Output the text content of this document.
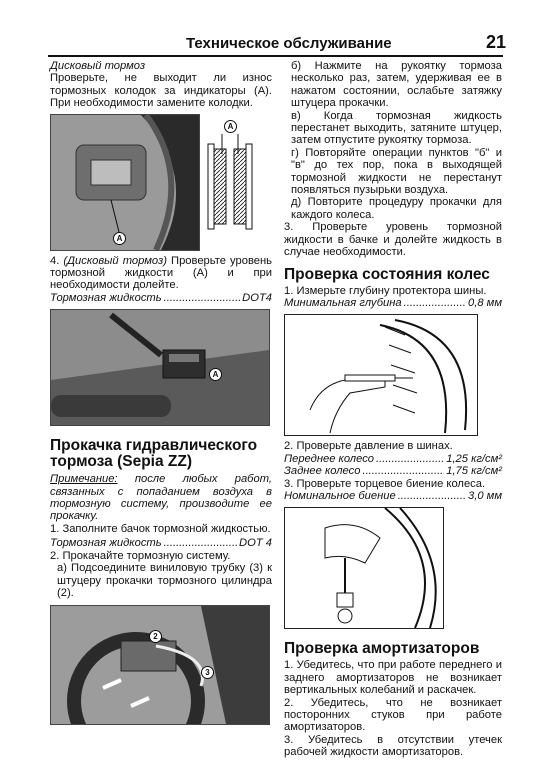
Техническое обслуживание	21

Дисковый тормоз

Проверьте, не выходит ли износ тормозных колодок за индикаторы (А). При необходимости замените колодки.

A
A

4. (Дисковый тормоз) Проверьте уровень тормозной жидкости (А) и при необходимости долейте.

Тормозная жидкость .....	DOT4
A
Прокачка гидравлического тормоза (Sepia ZZ)

Примечание: после любых работ, связанных с попаданием воздуха в тормозную систему, производите ее прокачку.

1. Заполните бачок тормозной жидкостью.

Тормозная жидкость .....	DOT 4

2. Прокачайте тормозную систему.

а) Подсоедините виниловую трубку (3) к штуцеру прокачки тормозного цилиндра (2).

2
3

б) Нажмите на рукоятку тормоза несколько раз, затем, удерживая ее в нажатом состоянии, ослабьте затяжку штуцера прокачки.

в) Когда тормозная жидкость перестанет выходить, затяните штуцер, затем отпустите рукоятку тормоза.

г) Повторяйте операции пунктов "б" и "в" до тех пор, пока в выходящей тормозной жидкости не перестанут появляться пузырьки воздуха.

д) Повторите процедуру прокачки для каждого колеса.

3. Проверьте уровень тормозной жидкости в бачке и долейте жидкость в случае необходимости.

Проверка состояния колес

1. Измерьте глубину протектора шины.

Минимальная глубина .....	0,8 мм

2. Проверьте давление в шинах.

Переднее колесо .....	1,25 кг/см²
Заднее колесо .....	1,75 кг/см²

3. Проверьте торцевое биение колеса.

Номинальное биение .....	3,0 мм
Проверка амортизаторов

1. Убедитесь, что при работе переднего и заднего амортизаторов не возникает вертикальных колебаний и раскачек.

2. Убедитесь, что не возникает посторонних стуков при работе амортизаторов.

3. Убедитесь в отсутствии утечек рабочей жидкости амортизаторов.
